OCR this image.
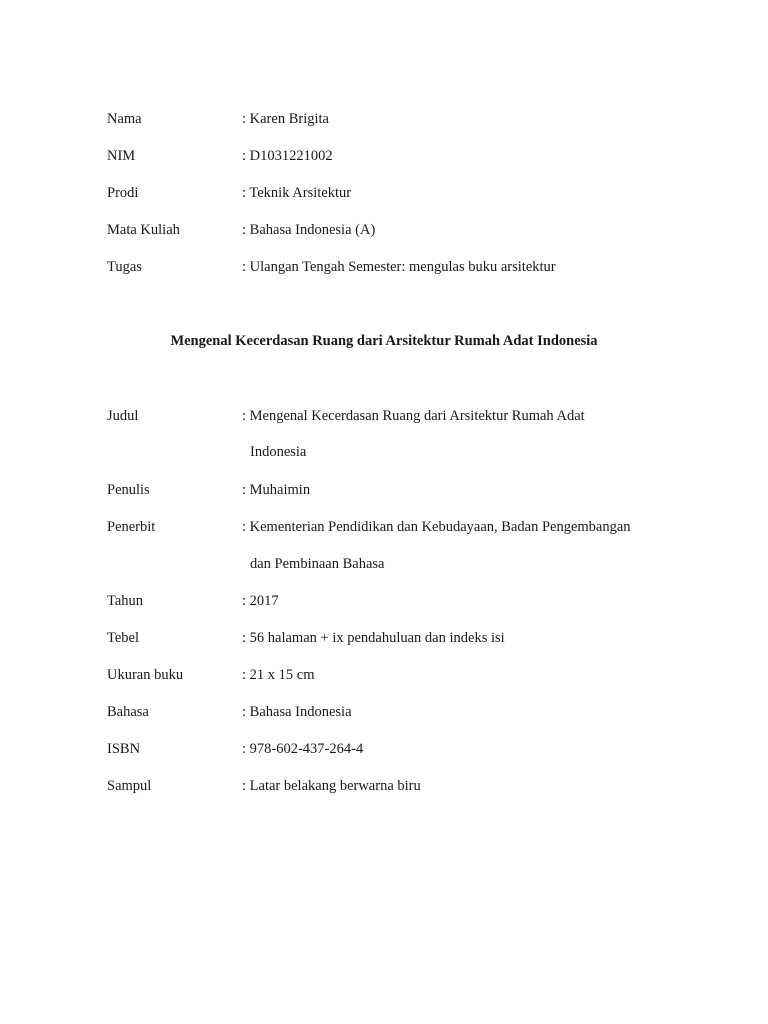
Nama	: Karen Brigita
NIM	: D1031221002
Prodi	: Teknik Arsitektur
Mata Kuliah	: Bahasa Indonesia (A)
Tugas	: Ulangan Tengah Semester: mengulas buku arsitektur
Mengenal Kecerdasan Ruang dari Arsitektur Rumah Adat Indonesia
Judul	: Mengenal Kecerdasan Ruang dari Arsitektur Rumah Adat
Indonesia
Penulis	: Muhaimin
Penerbit	: Kementerian Pendidikan dan Kebudayaan, Badan Pengembangan
dan Pembinaan Bahasa
Tahun	: 2017
Tebel	: 56 halaman + ix pendahuluan dan indeks isi
Ukuran buku	: 21 x 15 cm
Bahasa	: Bahasa Indonesia
ISBN	: 978-602-437-264-4
Sampul	: Latar belakang berwarna biru
